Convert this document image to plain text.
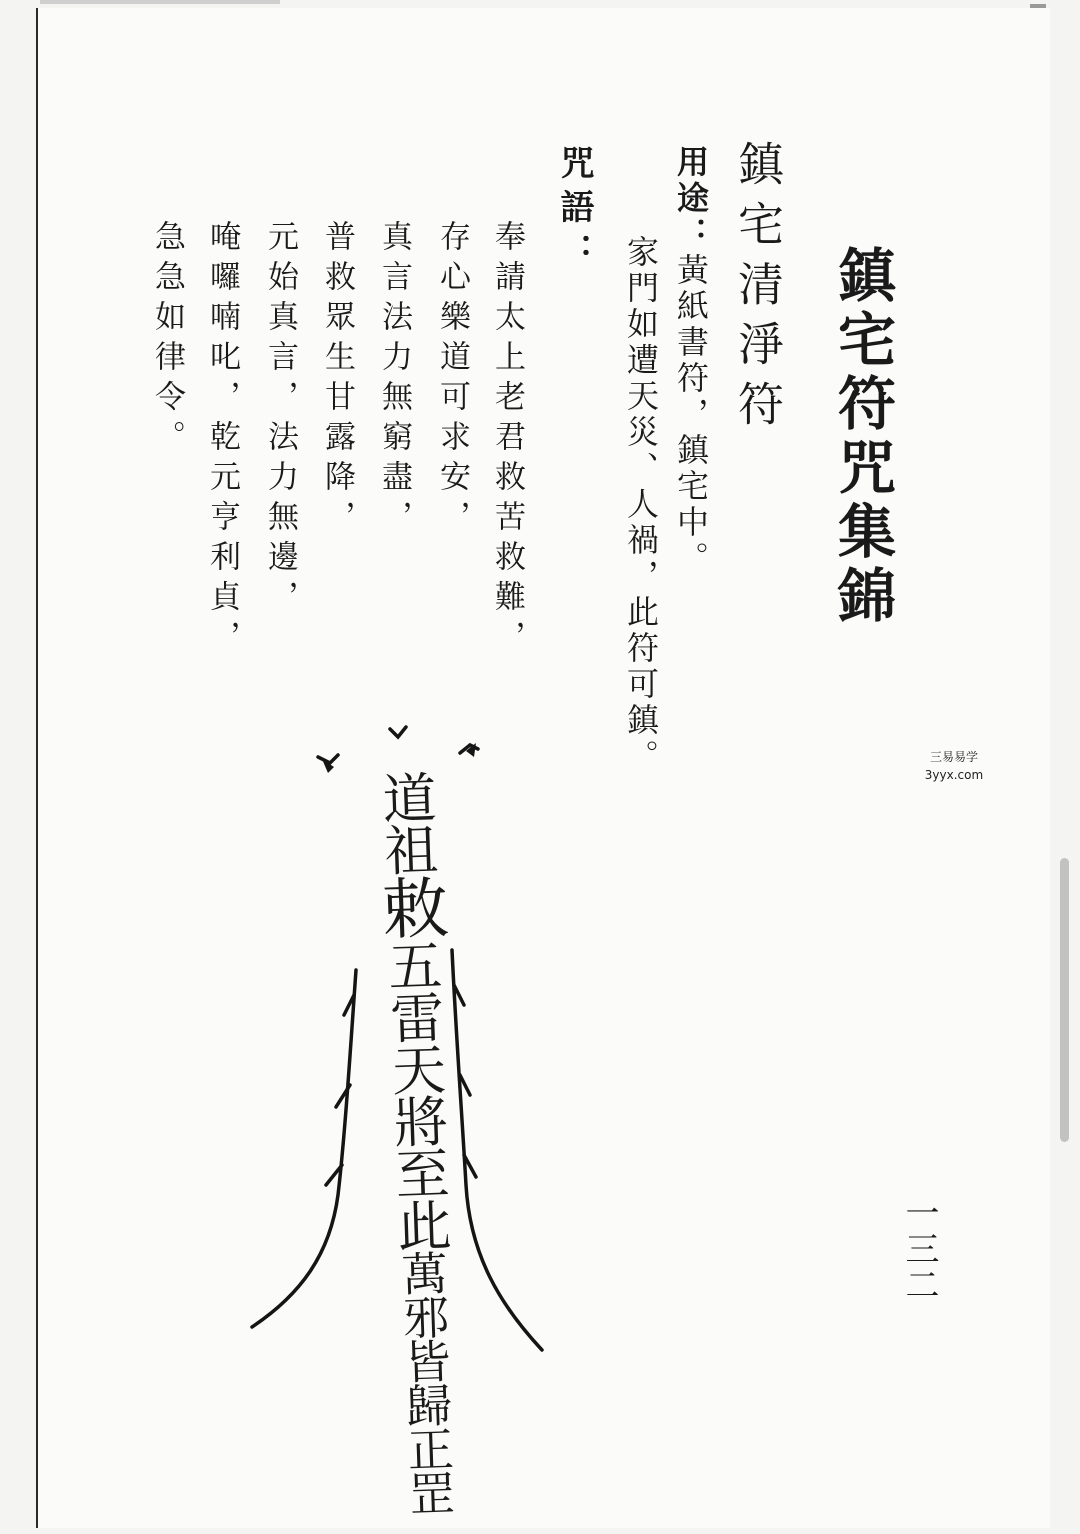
鎮宅符咒集錦
鎮宅清淨符
用途：黃紙書符，鎮宅中。
家門如遭天災、人禍，此符可鎮。
咒語：
奉請太上老君救苦救難，
存心樂道可求安，
真言法力無窮盡，
普救眾生甘露降，
元始真言，法力無邊，
唵囉喃叱，乾元亨利貞，
急急如律令。
道祖敕五雷天將至此萬邪皆歸正罡
三易易学
3yyx.com
一三二
